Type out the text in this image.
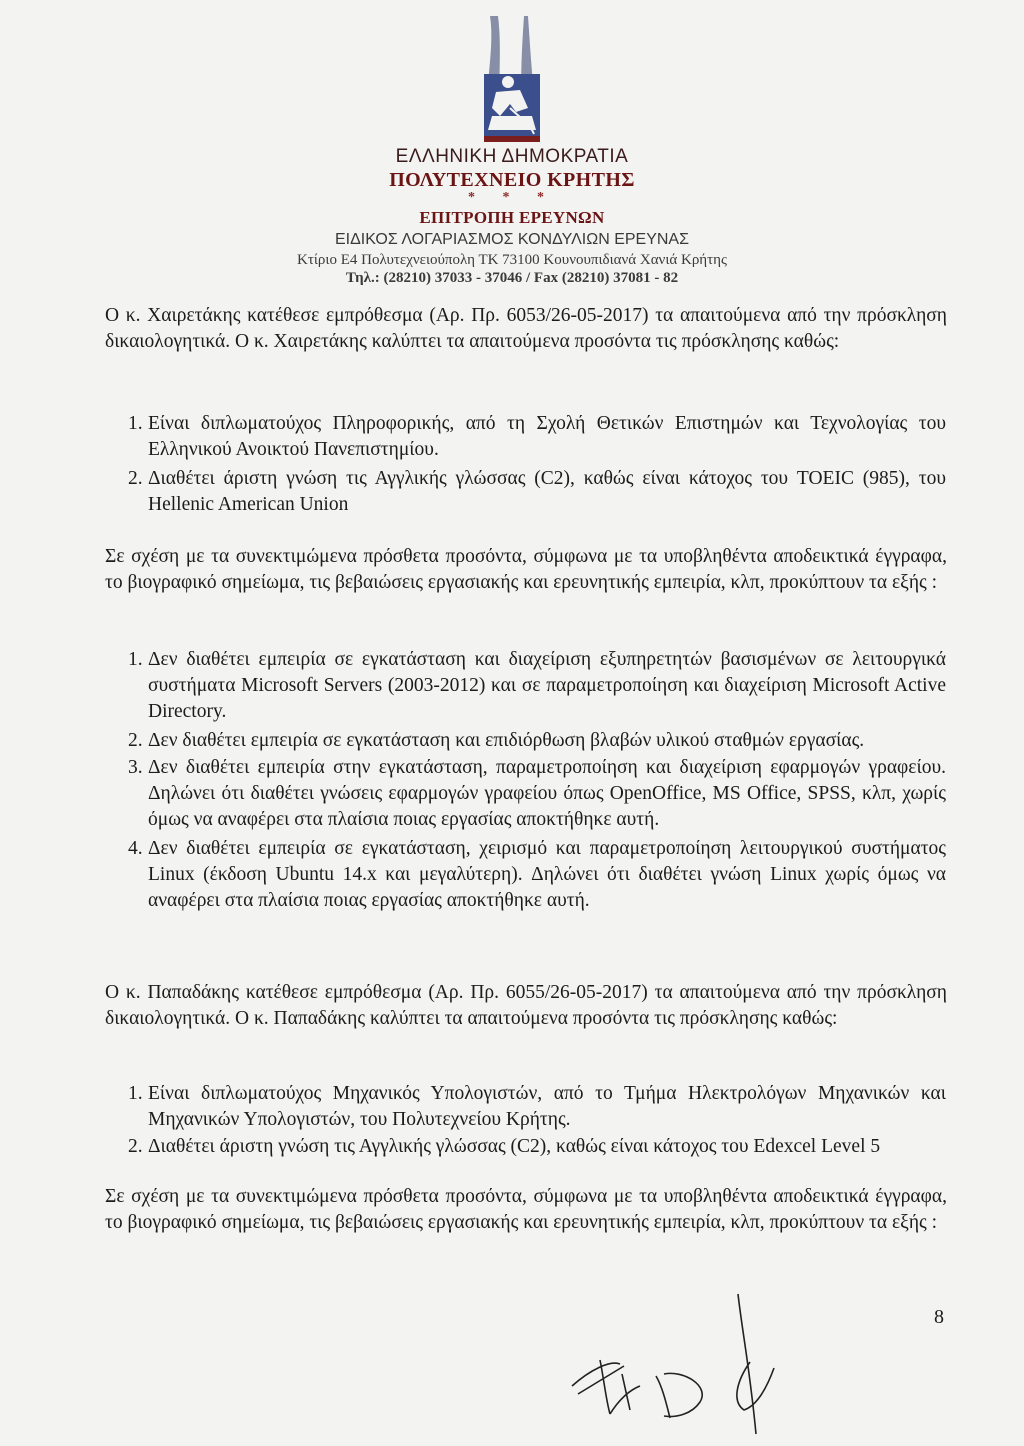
ΕΛΛΗΝΙΚΗ ΔΗΜΟΚΡΑΤΙΑ
ΠΟΛΥΤΕΧΝΕΙΟ ΚΡΗΤΗΣ
* * *
ΕΠΙΤΡΟΠΗ ΕΡΕΥΝΩΝ
ΕΙΔΙΚΟΣ ΛΟΓΑΡΙΑΣΜΟΣ ΚΟΝΔΥΛΙΩΝ ΕΡΕΥΝΑΣ
Κτίριο Ε4 Πολυτεχνειούπολη ΤΚ 73100 Κουνουπιδιανά Χανιά Κρήτης
Τηλ.: (28210) 37033 - 37046 / Fax (28210) 37081 - 82
Ο κ. Χαιρετάκης κατέθεσε εμπρόθεσμα (Αρ. Πρ. 6053/26-05-2017) τα απαιτούμενα από την πρόσκληση δικαιολογητικά. Ο κ. Χαιρετάκης καλύπτει τα απαιτούμενα προσόντα τις πρόσκλησης καθώς:
1. Είναι διπλωματούχος Πληροφορικής, από τη Σχολή Θετικών Επιστημών και Τεχνολογίας του Ελληνικού Ανοικτού Πανεπιστημίου.
2. Διαθέτει άριστη γνώση τις Αγγλικής γλώσσας (C2), καθώς είναι κάτοχος του TOEIC (985), του Hellenic American Union
Σε σχέση με τα συνεκτιμώμενα πρόσθετα προσόντα, σύμφωνα με τα υποβληθέντα αποδεικτικά έγγραφα, το βιογραφικό σημείωμα, τις βεβαιώσεις εργασιακής και ερευνητικής εμπειρία, κλπ, προκύπτουν τα εξής :
1. Δεν διαθέτει εμπειρία σε εγκατάσταση και διαχείριση εξυπηρετητών βασισμένων σε λειτουργικά συστήματα Microsoft Servers (2003-2012) και σε παραμετροποίηση και διαχείριση Microsoft Active Directory.
2. Δεν διαθέτει εμπειρία σε εγκατάσταση και επιδιόρθωση βλαβών υλικού σταθμών εργασίας.
3. Δεν διαθέτει εμπειρία στην εγκατάσταση, παραμετροποίηση και διαχείριση εφαρμογών γραφείου. Δηλώνει ότι διαθέτει γνώσεις εφαρμογών γραφείου όπως OpenOffice, MS Office, SPSS, κλπ, χωρίς όμως να αναφέρει στα πλαίσια ποιας εργασίας αποκτήθηκε αυτή.
4. Δεν διαθέτει εμπειρία σε εγκατάσταση, χειρισμό και παραμετροποίηση λειτουργικού συστήματος Linux (έκδοση Ubuntu 14.x και μεγαλύτερη). Δηλώνει ότι διαθέτει γνώση Linux χωρίς όμως να αναφέρει στα πλαίσια ποιας εργασίας αποκτήθηκε αυτή.
Ο κ. Παπαδάκης κατέθεσε εμπρόθεσμα (Αρ. Πρ. 6055/26-05-2017) τα απαιτούμενα από την πρόσκληση δικαιολογητικά. Ο κ. Παπαδάκης καλύπτει τα απαιτούμενα προσόντα τις πρόσκλησης καθώς:
1. Είναι διπλωματούχος Μηχανικός Υπολογιστών, από το Τμήμα Ηλεκτρολόγων Μηχανικών και Μηχανικών Υπολογιστών, του Πολυτεχνείου Κρήτης.
2. Διαθέτει άριστη γνώση τις Αγγλικής γλώσσας (C2), καθώς είναι κάτοχος του Edexcel Level 5
Σε σχέση με τα συνεκτιμώμενα πρόσθετα προσόντα, σύμφωνα με τα υποβληθέντα αποδεικτικά έγγραφα, το βιογραφικό σημείωμα, τις βεβαιώσεις εργασιακής και ερευνητικής εμπειρία, κλπ, προκύπτουν τα εξής :
8
